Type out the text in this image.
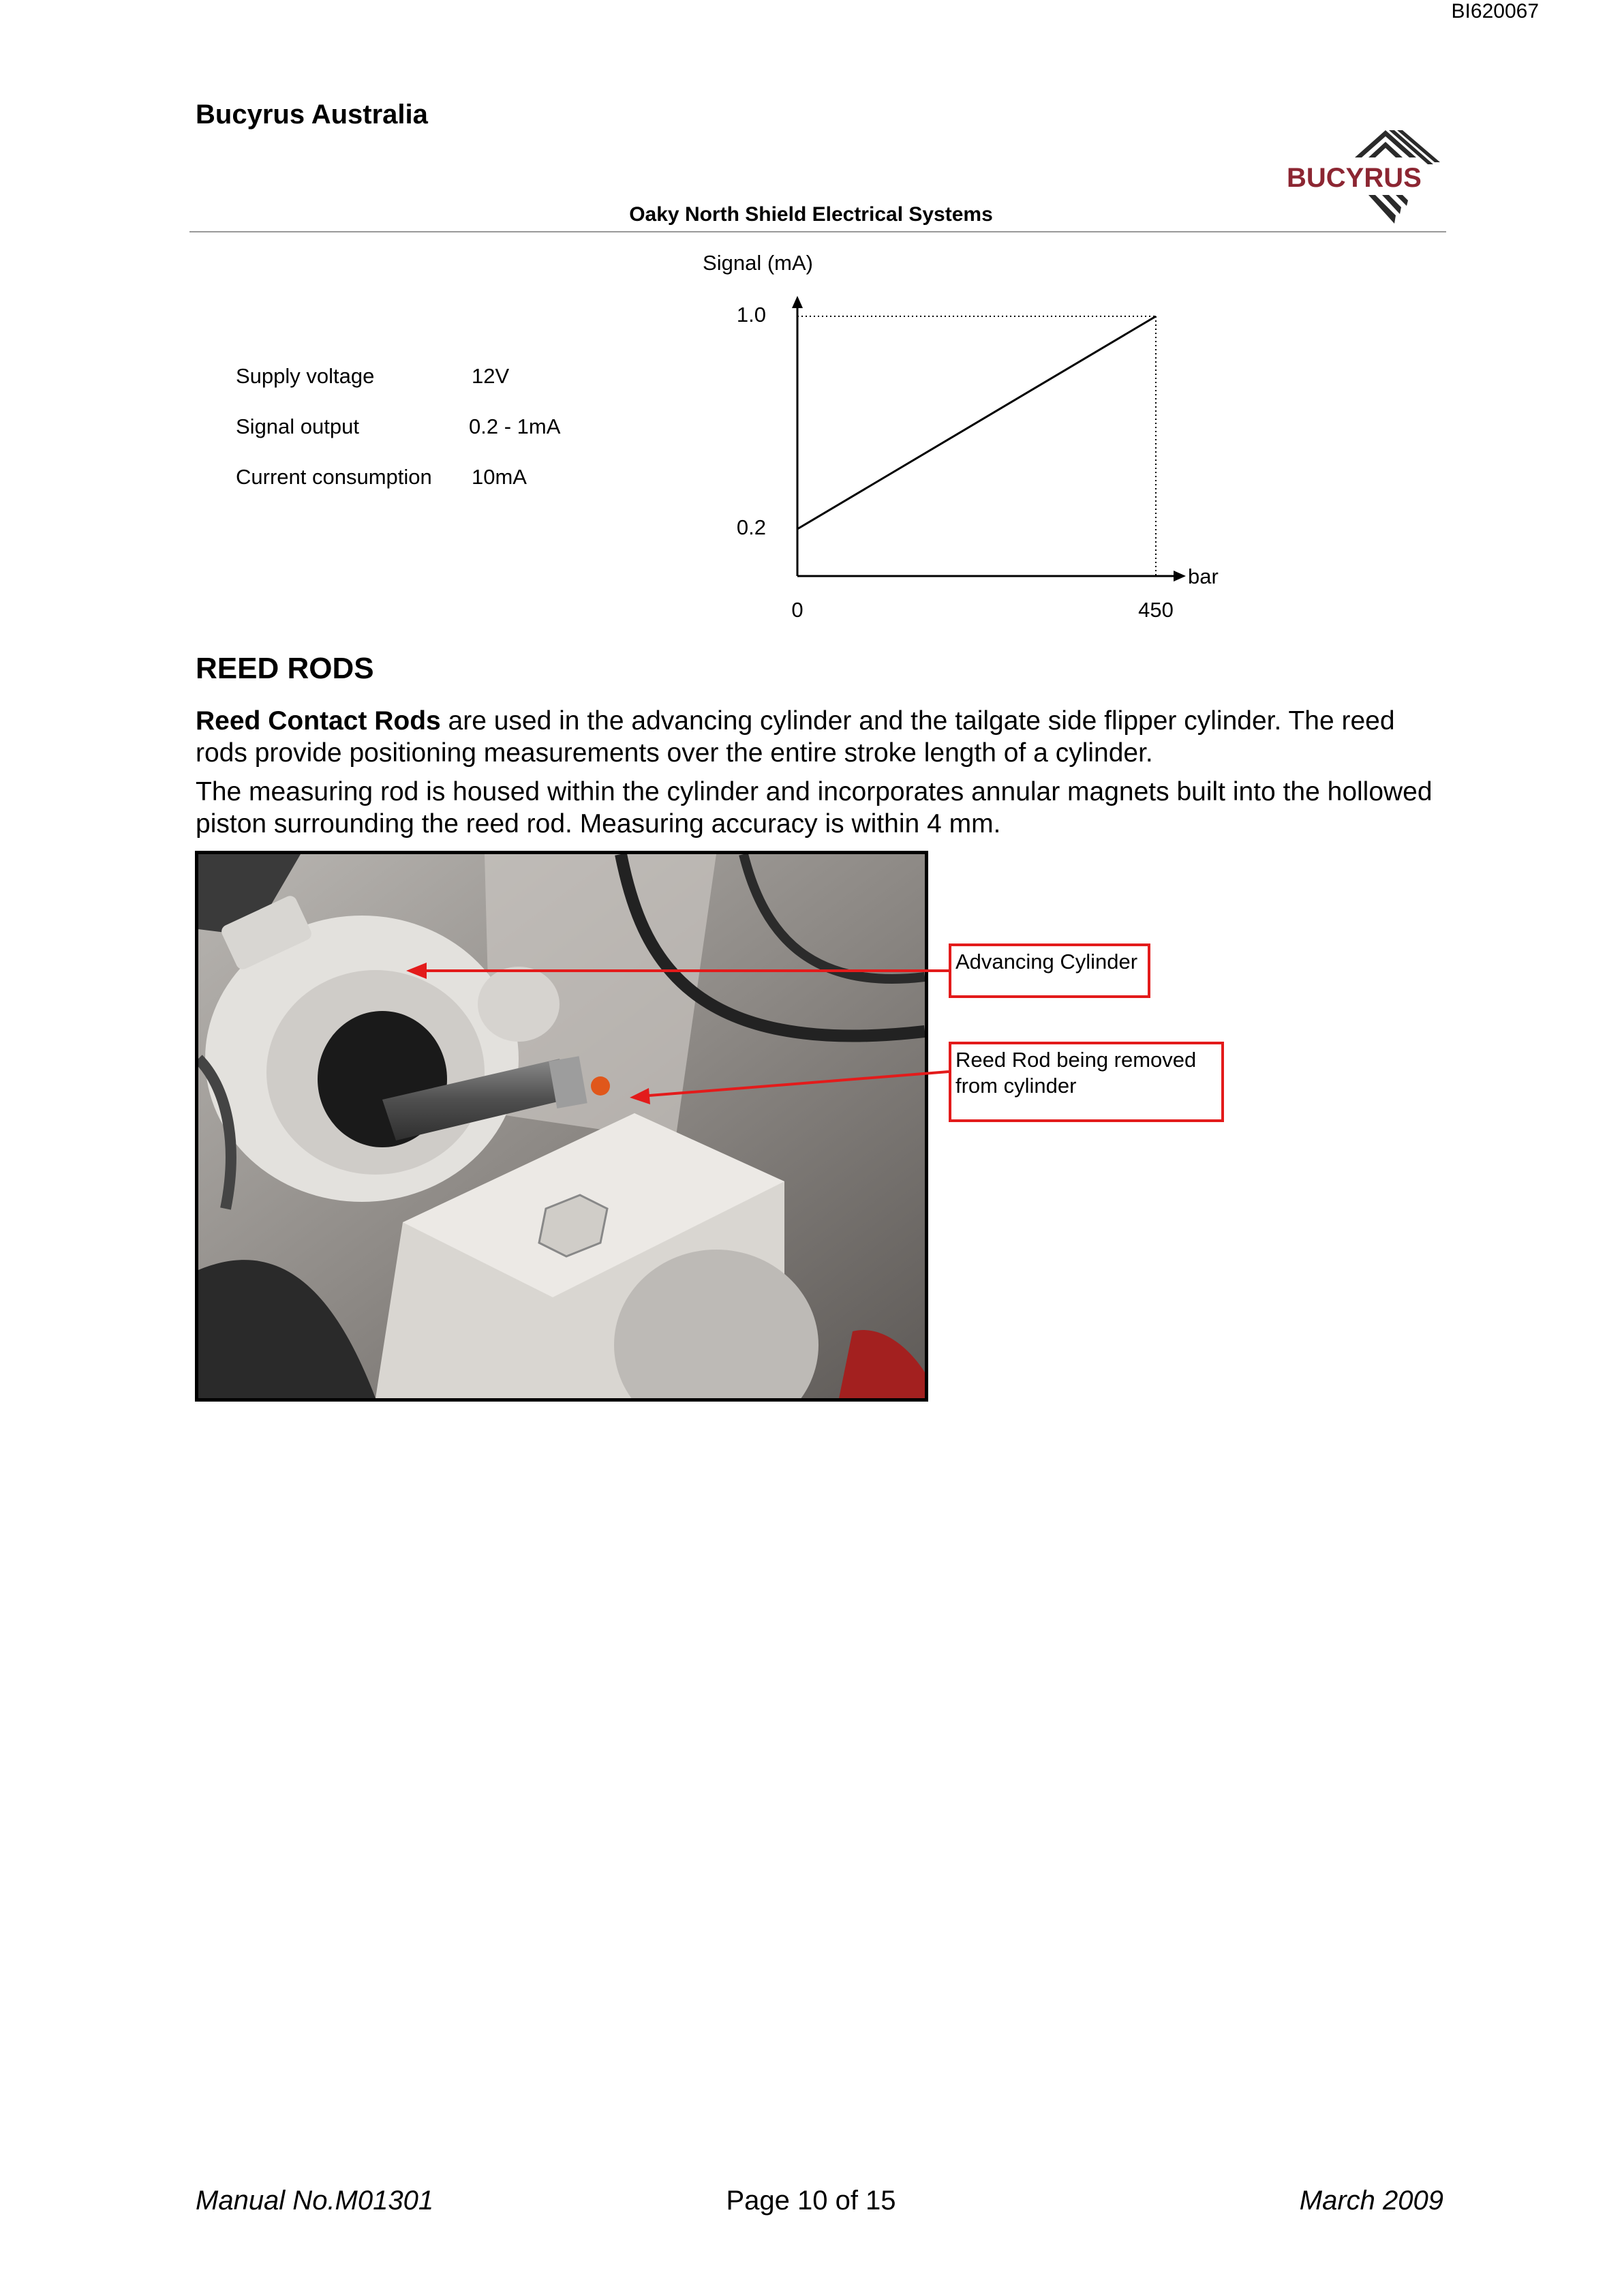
BI620067
Bucyrus Australia
BUCYRUS
Oaky North Shield Electrical Systems
Supply voltage	12V
Signal output	0.2 - 1mA
Current consumption 10mA
Signal (mA)
bar
1.0
0.2
0	450
REED RODS
Reed Contact Rods are used in the advancing cylinder and the tailgate side flipper cylinder. The reed rods provide positioning measurements over the entire stroke length of a cylinder.
The measuring rod is housed within the cylinder and incorporates annular magnets built into the hollowed piston surrounding the reed rod. Measuring accuracy is within 4 mm.
Advancing Cylinder
Reed Rod being removed from cylinder
Manual No.M01301	Page 10 of 15	March 2009
